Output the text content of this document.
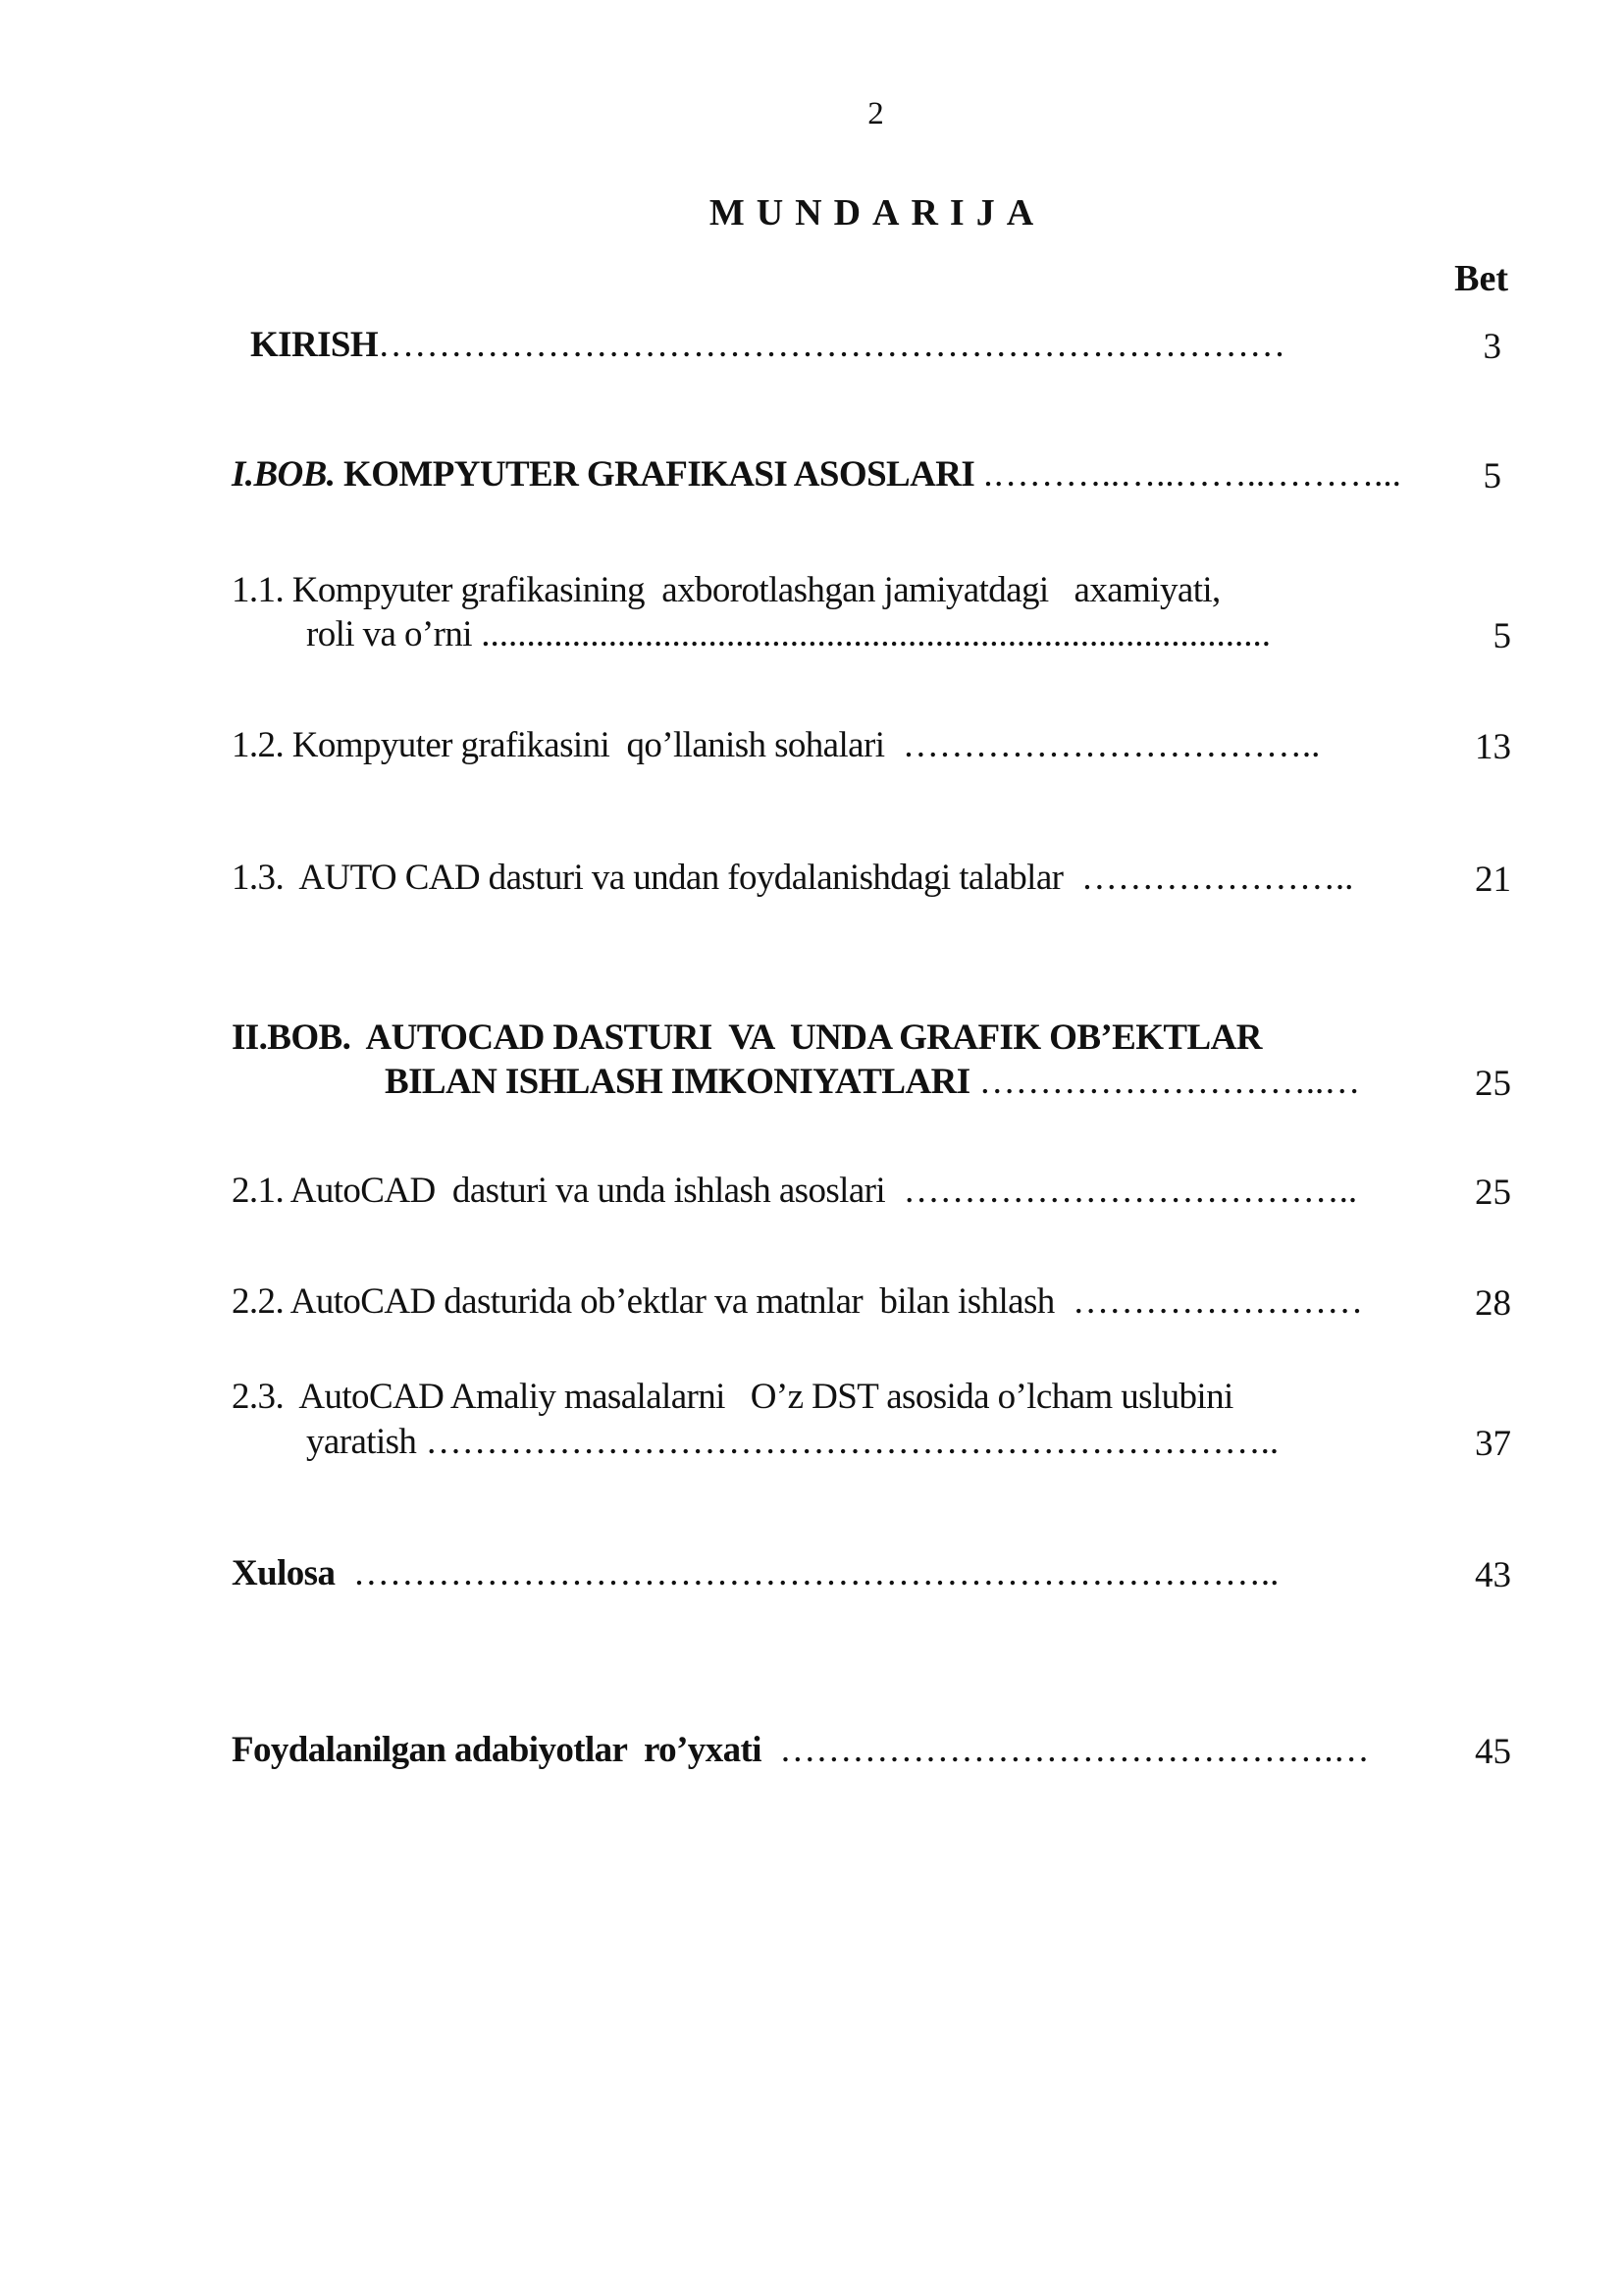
2
MUNDARIJA
Bet
KIRISH…………………………………………………………………	3
I.BOB. KOMPYUTER GRAFIKASI ASOSLARI .………..…..……..………...	5
1.1. Kompyuter grafikasining  axborotlashgan jamiyatdagi   axamiyati,
roli va o’rni .......................................................................................	5
1.2. Kompyuter grafikasini  qo’llanish sohalari  ……………………………..	13
1.3.  AUTO CAD dasturi va undan foydalanishdagi talablar  …………………..	21
II.BOB.  AUTOCAD DASTURI  VA  UNDA GRAFIK OB’EKTLAR
BILAN ISHLASH IMKONIYATLARI ………………………..…	25
2.1. AutoCAD  dasturi va unda ishlash asoslari  ………………………………..	25
2.2. AutoCAD dasturida ob’ektlar va matnlar  bilan ishlash  ……………………	28
2.3.  AutoCAD Amaliy masalalarni   O’z DST asosida o’lcham uslubini
yaratish ……………………………………………………………..	37
Xulosa  …………………………………………………………………..	43
Foydalanilgan adabiyotlar  ro’yxati  ……………………………………….…	45
